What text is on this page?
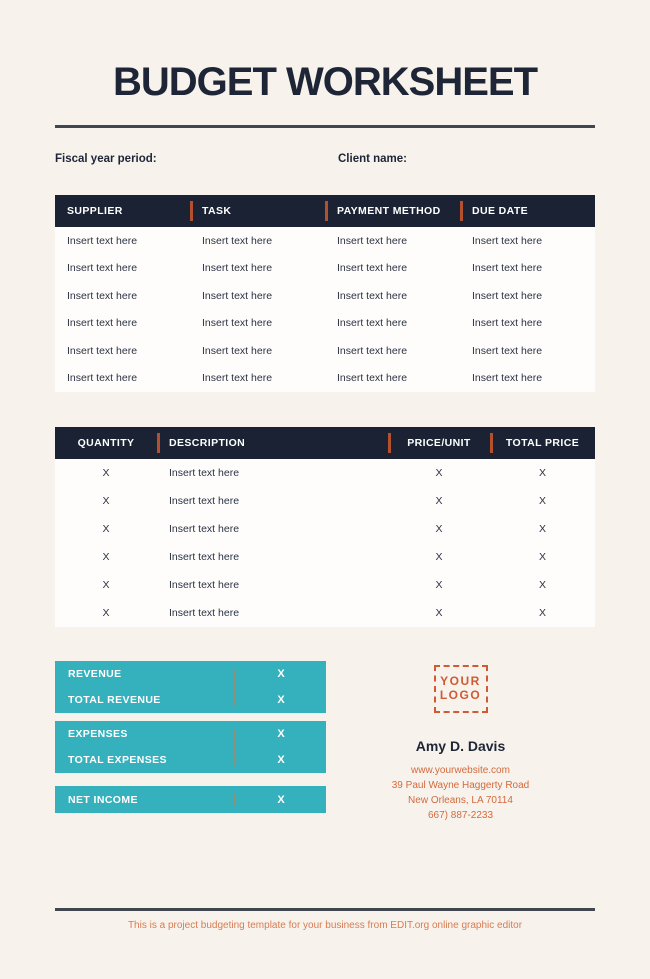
BUDGET WORKSHEET
Fiscal year period:	Client name:
SUPPLIER	TASK	PAYMENT METHOD	DUE DATE
Insert text here	Insert text here	Insert text here	Insert text here
Insert text here	Insert text here	Insert text here	Insert text here
Insert text here	Insert text here	Insert text here	Insert text here
Insert text here	Insert text here	Insert text here	Insert text here
Insert text here	Insert text here	Insert text here	Insert text here
Insert text here	Insert text here	Insert text here	Insert text here
QUANTITY	DESCRIPTION	PRICE/UNIT	TOTAL PRICE
X	Insert text here	X	X
X	Insert text here	X	X
X	Insert text here	X	X
X	Insert text here	X	X
X	Insert text here	X	X
X	Insert text here	X	X
REVENUE	X
TOTAL REVENUE	X
EXPENSES	X
TOTAL EXPENSES	X
NET INCOME	X
YOUR
LOGO
Amy D. Davis
www.yourwebsite.com
39 Paul Wayne Haggerty Road
New Orleans, LA 70114
667) 887-2233
This is a project budgeting template for your business from EDIT.org online graphic editor
